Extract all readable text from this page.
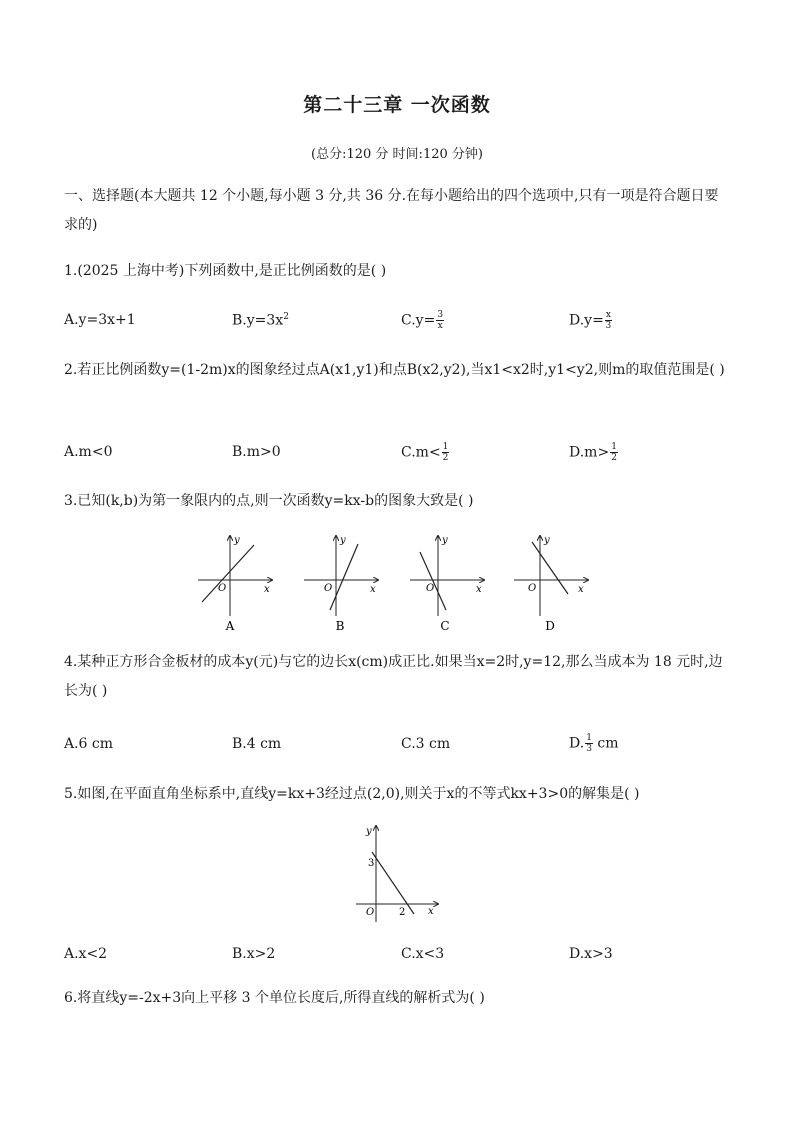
第二十三章 一次函数
(总分:120 分 时间:120 分钟)
一、选择题(本大题共 12 个小题,每小题 3 分,共 36 分.在每小题给出的四个选项中,只有一项是符合题日要求的)
1.(2025 上海中考)下列函数中,是正比例函数的是( )
A.y=3x+1	$B.y=3x^2$	$C.y= \frac{3}{x}$	$D.y= \frac{x}{3}$
2.若正比例函数y=(1-2m)x的图象经过点A(x1,y1)和点B(x2,y2),当x1<x2时,y1<y2,则m的取值范围是( )
A.m<0	B.m>0	$C.m< \frac{1}{2}$	$D.m> \frac{1}{2}$
3.已知(k,b)为第一象限内的点,则一次函数y=kx-b的图象大致是( )
y
x
O
A
y
x
O
B
y
x
O
C
y
x
O
D
4.某种正方形合金板材的成本y(元)与它的边长x(cm)成正比.如果当x=2时,y=12,那么当成本为 18 元时,边长为( )
A.6 cm	B.4 cm	C.3 cm	D. $\frac{1}{3}$ cm
5.如图,在平面直角坐标系中,直线y=kx+3经过点(2,0),则关于x的不等式kx+3>0的解集是( )
y
x
O
3
2
A.x<2	B.x>2	C.x<3	D.x>3
6.将直线y=-2x+3向上平移 3 个单位长度后,所得直线的解析式为( )
